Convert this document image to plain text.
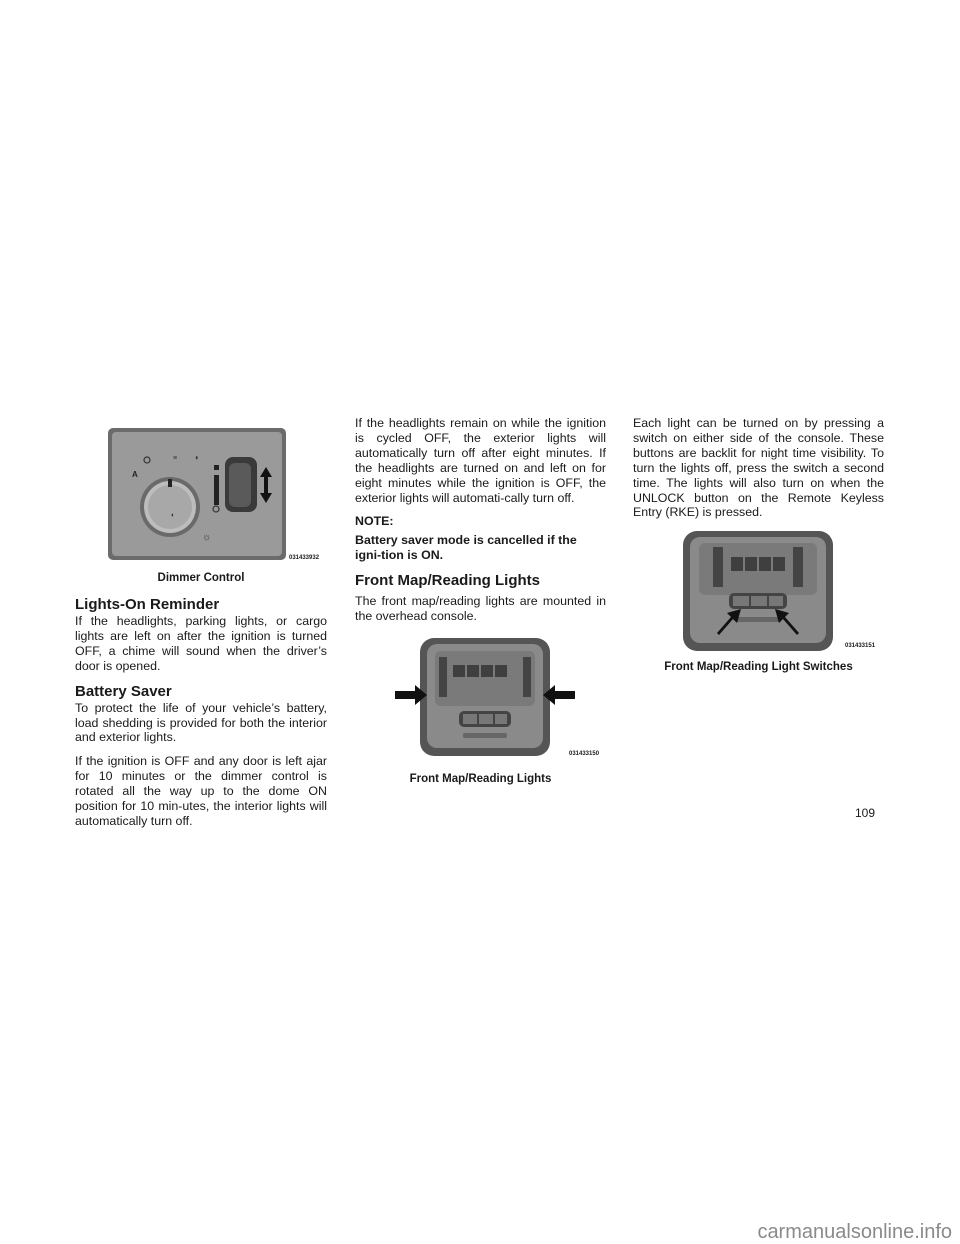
A
≡ ◐
◐
☼
031433932
Dimmer Control
Lights-On Reminder

If the headlights, parking lights, or cargo lights are left on after the ignition is turned OFF, a chime will sound when the driver’s door is opened.

Battery Saver

To protect the life of your vehicle’s battery, load shedding is provided for both the interior and exterior lights.

If the ignition is OFF and any door is left ajar for 10 minutes or the dimmer control is rotated all the way up to the dome ON position for 10 min-utes, the interior lights will automatically turn off.

If the headlights remain on while the ignition is cycled OFF, the exterior lights will automatically turn off after eight minutes. If the headlights are turned on and left on for eight minutes while the ignition is OFF, the exterior lights will automati-cally turn off.

NOTE:

Battery saver mode is cancelled if the igni-tion is ON.

Front Map/Reading Lights

The front map/reading lights are mounted in the overhead console.

031433150
Front Map/Reading Lights

Each light can be turned on by pressing a switch on either side of the console. These buttons are backlit for night time visibility. To turn the lights off, press the switch a second time. The lights will also turn on when the UNLOCK button on the Remote Keyless Entry (RKE) is pressed.

031433151
Front Map/Reading Light Switches
109
carmanualsonline.info
